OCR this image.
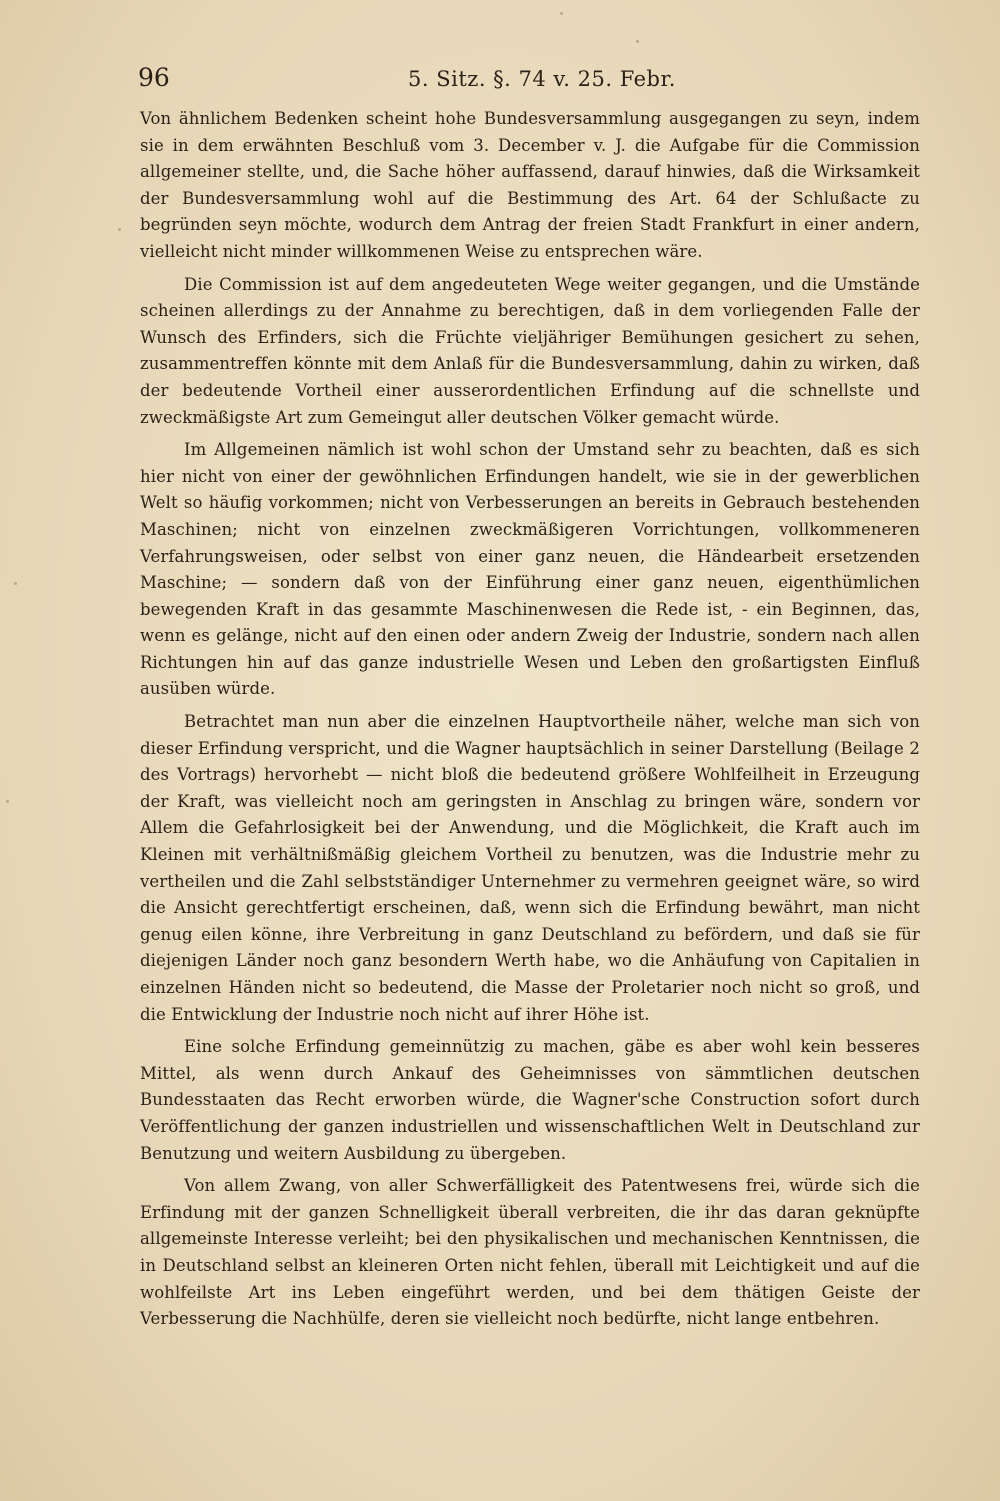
96	5. Sitz. §. 74 v. 25. Febr.

Von ähnlichem Bedenken scheint hohe Bundesversammlung ausgegangen zu seyn, indem sie in dem erwähnten Beschluß vom 3. December v. J. die Aufgabe für die Commission allgemeiner stellte, und, die Sache höher auffassend, darauf hinwies, daß die Wirksamkeit der Bundesversammlung wohl auf die Bestimmung des Art. 64 der Schlußacte zu begründen seyn möchte, wodurch dem Antrag der freien Stadt Frankfurt in einer andern, vielleicht nicht minder willkommenen Weise zu entsprechen wäre.

Die Commission ist auf dem angedeuteten Wege weiter gegangen, und die Umstände scheinen allerdings zu der Annahme zu berechtigen, daß in dem vorliegenden Falle der Wunsch des Erfinders, sich die Früchte vieljähriger Bemühungen gesichert zu sehen, zusammentreffen könnte mit dem Anlaß für die Bundesversammlung, dahin zu wirken, daß der bedeutende Vortheil einer ausserordentlichen Erfindung auf die schnellste und zweckmäßigste Art zum Gemeingut aller deutschen Völker gemacht würde.

Im Allgemeinen nämlich ist wohl schon der Umstand sehr zu beachten, daß es sich hier nicht von einer der gewöhnlichen Erfindungen handelt, wie sie in der gewerblichen Welt so häufig vorkommen; nicht von Verbesserungen an bereits in Gebrauch bestehenden Maschinen; nicht von einzelnen zweckmäßigeren Vorrichtungen, vollkommeneren Verfahrungsweisen, oder selbst von einer ganz neuen, die Händearbeit ersetzenden Maschine; — sondern daß von der Einführung einer ganz neuen, eigenthümlichen bewegenden Kraft in das gesammte Maschinenwesen die Rede ist, - ein Beginnen, das, wenn es gelänge, nicht auf den einen oder andern Zweig der Industrie, sondern nach allen Richtungen hin auf das ganze industrielle Wesen und Leben den großartigsten Einfluß ausüben würde.

Betrachtet man nun aber die einzelnen Hauptvortheile näher, welche man sich von dieser Erfindung verspricht, und die Wagner hauptsächlich in seiner Darstellung (Beilage 2 des Vortrags) hervorhebt — nicht bloß die bedeutend größere Wohlfeilheit in Erzeugung der Kraft, was vielleicht noch am geringsten in Anschlag zu bringen wäre, sondern vor Allem die Gefahrlosigkeit bei der Anwendung, und die Möglichkeit, die Kraft auch im Kleinen mit verhältnißmäßig gleichem Vortheil zu benutzen, was die Industrie mehr zu vertheilen und die Zahl selbstständiger Unternehmer zu vermehren geeignet wäre, so wird die Ansicht gerechtfertigt erscheinen, daß, wenn sich die Erfindung bewährt, man nicht genug eilen könne, ihre Verbreitung in ganz Deutschland zu befördern, und daß sie für diejenigen Länder noch ganz besondern Werth habe, wo die Anhäufung von Capitalien in einzelnen Händen nicht so bedeutend, die Masse der Proletarier noch nicht so groß, und die Entwicklung der Industrie noch nicht auf ihrer Höhe ist.

Eine solche Erfindung gemeinnützig zu machen, gäbe es aber wohl kein besseres Mittel, als wenn durch Ankauf des Geheimnisses von sämmtlichen deutschen Bundesstaaten das Recht erworben würde, die Wagner'sche Construction sofort durch Veröffentlichung der ganzen industriellen und wissenschaftlichen Welt in Deutschland zur Benutzung und weitern Ausbildung zu übergeben.

Von allem Zwang, von aller Schwerfälligkeit des Patentwesens frei, würde sich die Erfindung mit der ganzen Schnelligkeit überall verbreiten, die ihr das daran geknüpfte allgemeinste Interesse verleiht; bei den physikalischen und mechanischen Kenntnissen, die in Deutschland selbst an kleineren Orten nicht fehlen, überall mit Leichtigkeit und auf die wohlfeilste Art ins Leben eingeführt werden, und bei dem thätigen Geiste der Verbesserung die Nachhülfe, deren sie vielleicht noch bedürfte, nicht lange entbehren.
